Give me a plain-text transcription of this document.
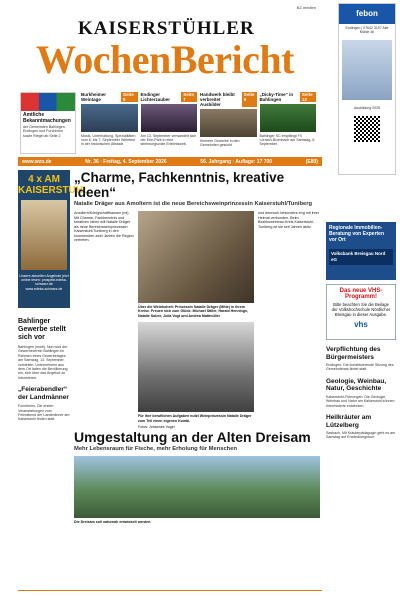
BZ.medien
KAISERSTÜHLER
WochenBericht
febon
Endingen | 07642 3197 Alte Mühle 4b
Ausbildung 2025
Burkheimer Weintage
Seite 5
Musik, Unterhaltung, Spezialitäten vom 6. bis 7. September Weinfest in der historischen Altstadt
Endinger Lichterzauber
Seite 7
Am 13. September verwandelt sich der Erle-Park in eine stimmungsvolle Erlebniswelt.
Handwerk bleibt verbreitet Ausbilder
Seite 9
Kleinere Gewerbe in den Gemeinden gesucht
„Dicky-Time“ in Bahlingen
Seite 12
Bahlinger SC empfängt FV Lörrach-Brombach am Samstag, 6. September.
Amtliche Bekanntmachungen
der Gemeinden Bahlingen, Endingen und Forchheim sowie Riegel ab Seite 2
www.wzo.de	Nr. 36 · Freitag, 4. September 2026	56. Jahrgang · Auflage: 17 700	(E80)
4 x AM KAISERSTUHL
Unsere aktuellen Angebote jetzt online lesen: prospekt.edeka-schwarz.de
www.edeka-schwarz.de
Bahlinger Gewerbe stellt sich vor
Bahlingen (mwb). Nun wird der Gewerbeverein Bahlingen im Rahmen eines Gewerbetages am Samstag, 13. September, vorstellen. Unternehmen aus dem Ort laden die Bevölkerung ein, sich über das Angebot zu informieren.
„Feierabendler“ der Landmänner
Forchheim. Die ersten Veranstaltungen zum Feierabend der Landmänner am Kaiserstuhl finden statt.
„Charme, Fachkenntnis, kreative Ideen“
Natalie Dräger aus Amoltern ist die neue Bereichsweinprinzessin Kaiserstuhl/Tuniberg
Amoltern/Königschaffhausen (mi). Mit Charme, Fachkenntnis und kreativen Ideen will Natalie Dräger als neue Bereichsweinprinzessin Kaiserstuhl/Tuniberg in den kommenden zwei Jahren die Region vertreten.
Über die Weinhoheit: Prinzessin Natalie Dräger (Mitte) in ihrem Kreise. Freuen sich zum Glück: Michael Stiller, Harald Hennings, Natalie Salzer, Julia Vogt und Andrea Mattmüller
Für ihre beruflichen Aufgaben nutzt Weinprinzessin Natalie Dräger zum Teil einen eigenen Kombi.
Fotos: Johannes Vogel
und dennoch besonders eng mit ihrer Heimat verbunden. Beim Bezirksweinbau-Kreis Kaiserstuhl-Tuniberg ist sie seit Jahren aktiv.	Regionale Immobilien-Beratung von Experten vor Ort
Volksbank Breisgau Nord eG
Das neue VHS-Programm!
Bitte beachten Sie die Beilage der Volkshochschule Nördlicher Breisgau in dieser Ausgabe.
vhs
Verpflichtung des Bürgermeisters
Endingen. Die konstituierende Sitzung des Gemeinderats findet statt.
Geologie, Weinbau, Natur, Geschichte
Kaiserstuhl-Führungen: Die Geologie, Weinbau und Natur am Kaiserstuhl können Interessierte entdecken.
Heilkräuter am Lützelberg
Sasbach. Mit Kräuterpädagogin geht es am Samstag auf Entdeckungstour.
Umgestaltung an der Alten Dreisam
Mehr Lebensraum für Fische, mehr Erholung für Menschen
Die Dreisam soll naturnah entwickelt werden.
